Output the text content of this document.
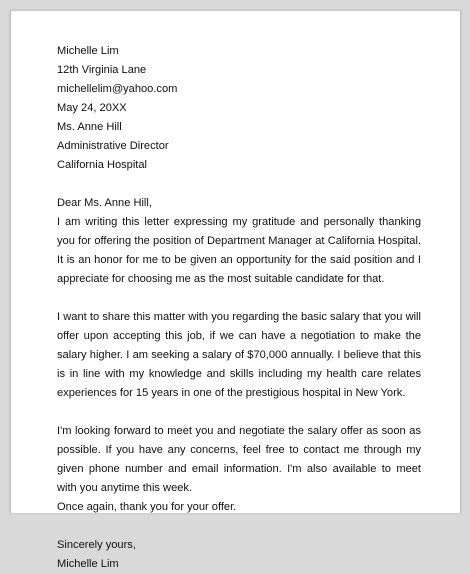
Michelle Lim
12th Virginia Lane
michellelim@yahoo.com
May 24, 20XX
Ms. Anne Hill
Administrative Director
California Hospital
Dear Ms. Anne Hill,
I am writing this letter expressing my gratitude and personally thanking you for offering the position of Department Manager at California Hospital. It is an honor for me to be given an opportunity for the said position and I appreciate for choosing me as the most suitable candidate for that.
I want to share this matter with you regarding the basic salary that you will offer upon accepting this job, if we can have a negotiation to make the salary higher. I am seeking a salary of $70,000 annually. I believe that this is in line with my knowledge and skills including my health care relates experiences for 15 years in one of the prestigious hospital in New York.
I'm looking forward to meet you and negotiate the salary offer as soon as possible. If you have any concerns, feel free to contact me through my given phone number and email information. I'm also available to meet with you anytime this week.
Once again, thank you for your offer.
Sincerely yours,
Michelle Lim
